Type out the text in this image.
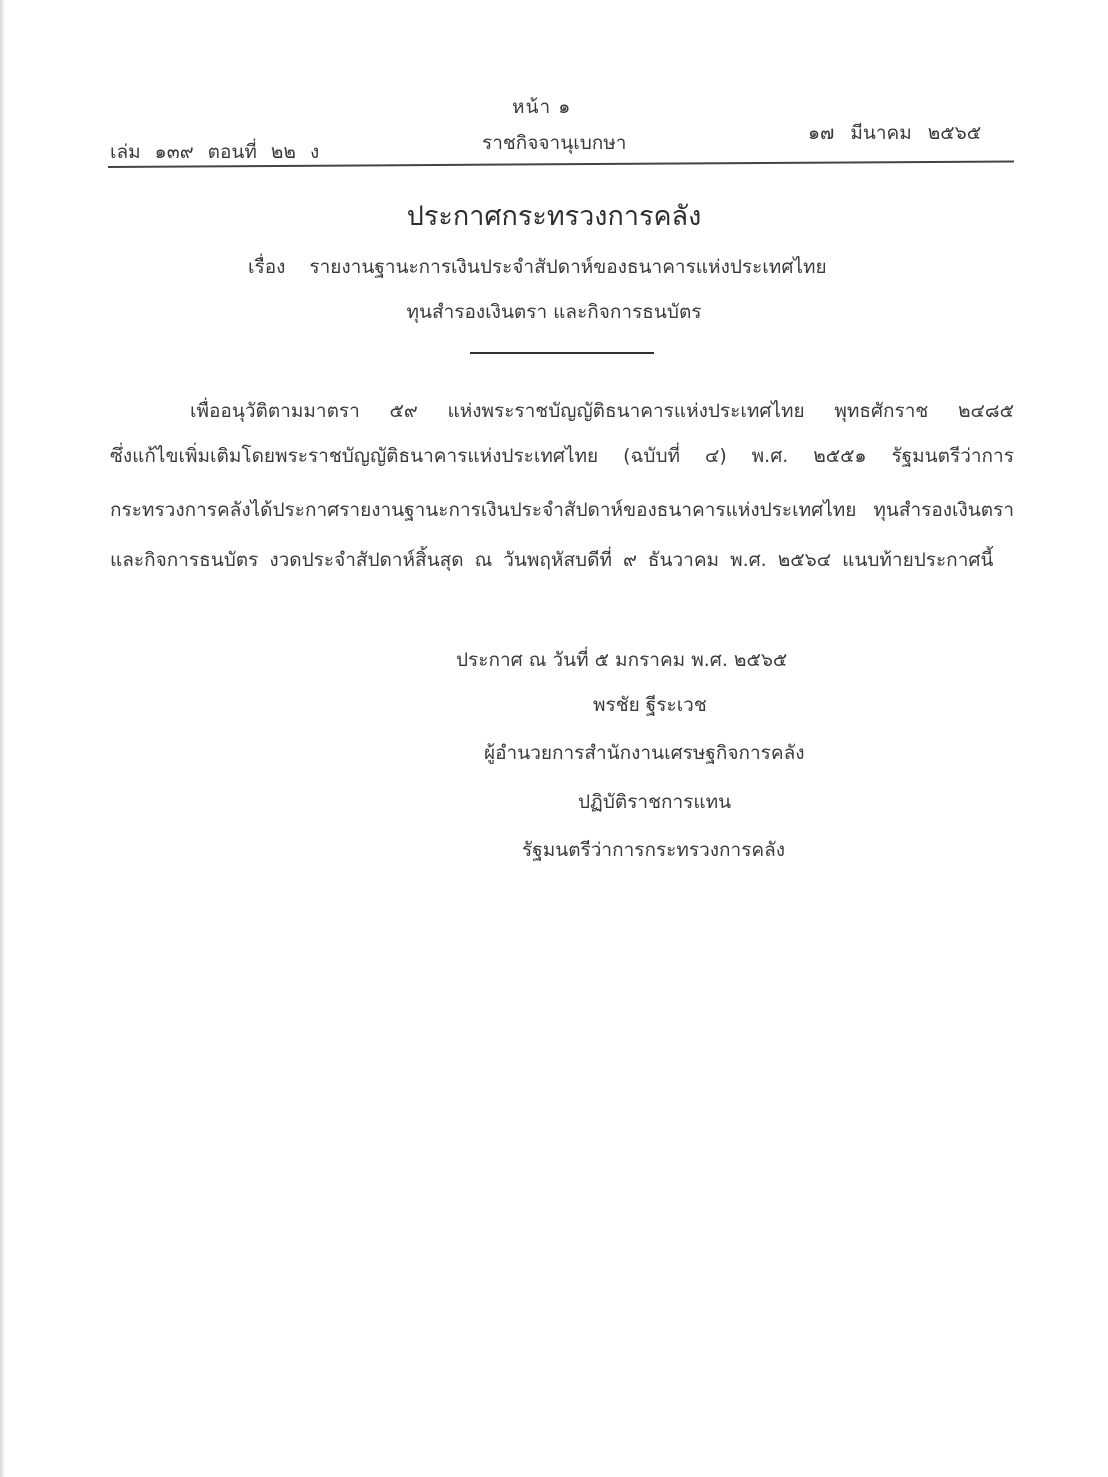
หน้า ๑
เล่ม ๑๓๙ ตอนที่ ๒๒ ง	ราชกิจจานุเบกษา	๑๗ มีนาคม ๒๕๖๕
ประกาศกระทรวงการคลัง
เรื่อง รายงานฐานะการเงินประจำสัปดาห์ของธนาคารแห่งประเทศไทย
ทุนสำรองเงินตรา และกิจการธนบัตร
เพื่ออนุวัติตามมาตรา ๕๙ แห่งพระราชบัญญัติธนาคารแห่งประเทศไทย พุทธศักราช ๒๔๘๕
ซึ่งแก้ไขเพิ่มเติมโดยพระราชบัญญัติธนาคารแห่งประเทศไทย (ฉบับที่ ๔) พ.ศ. ๒๕๕๑ รัฐมนตรีว่าการ
กระทรวงการคลังได้ประกาศรายงานฐานะการเงินประจำสัปดาห์ของธนาคารแห่งประเทศไทย ทุนสำรองเงินตรา
และกิจการธนบัตร งวดประจำสัปดาห์สิ้นสุด ณ วันพฤหัสบดีที่ ๙ ธันวาคม พ.ศ. ๒๕๖๔ แนบท้ายประกาศนี้
ประกาศ ณ วันที่ ๕ มกราคม พ.ศ. ๒๕๖๕
พรชัย ฐีระเวช
ผู้อำนวยการสำนักงานเศรษฐกิจการคลัง
ปฏิบัติราชการแทน
รัฐมนตรีว่าการกระทรวงการคลัง
